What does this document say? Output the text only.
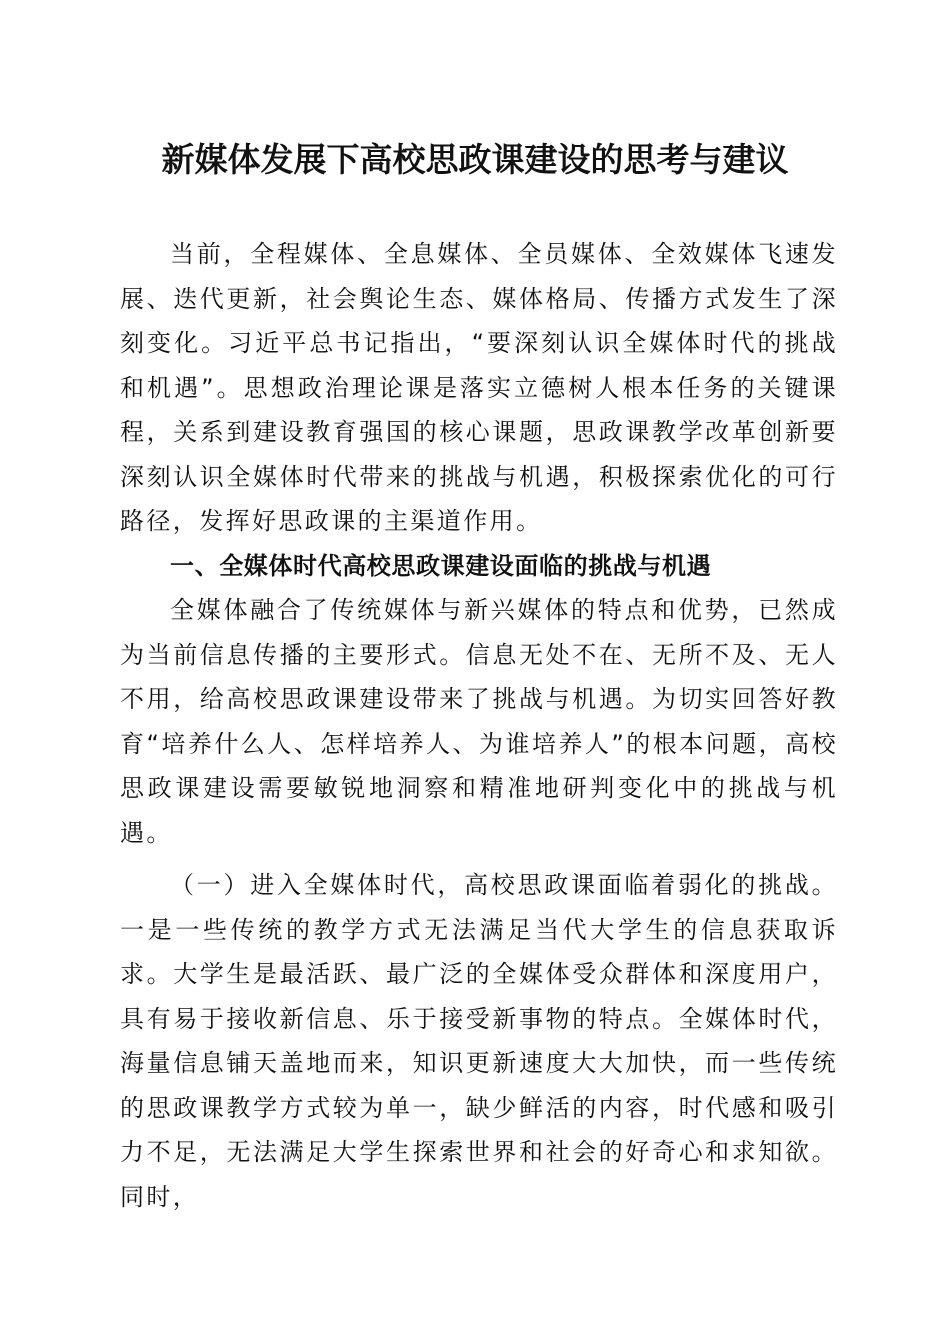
新媒体发展下高校思政课建设的思考与建议

当前，全程媒体、全息媒体、全员媒体、全效媒体飞速发展、迭代更新，社会舆论生态、媒体格局、传播方式发生了深刻变化。习近平总书记指出，“要深刻认识全媒体时代的挑战和机遇”。思想政治理论课是落实立德树人根本任务的关键课程，关系到建设教育强国的核心课题，思政课教学改革创新要深刻认识全媒体时代带来的挑战与机遇，积极探索优化的可行路径，发挥好思政课的主渠道作用。

一、全媒体时代高校思政课建设面临的挑战与机遇

全媒体融合了传统媒体与新兴媒体的特点和优势，已然成为当前信息传播的主要形式。信息无处不在、无所不及、无人不用，给高校思政课建设带来了挑战与机遇。为切实回答好教育“培养什么人、怎样培养人、为谁培养人”的根本问题，高校思政课建设需要敏锐地洞察和精准地研判变化中的挑战与机遇。

（一）进入全媒体时代，高校思政课面临着弱化的挑战。一是一些传统的教学方式无法满足当代大学生的信息获取诉求。大学生是最活跃、最广泛的全媒体受众群体和深度用户，具有易于接收新信息、乐于接受新事物的特点。全媒体时代，海量信息铺天盖地而来，知识更新速度大大加快，而一些传统的思政课教学方式较为单一，缺少鲜活的内容，时代感和吸引力不足，无法满足大学生探索世界和社会的好奇心和求知欲。同时，
